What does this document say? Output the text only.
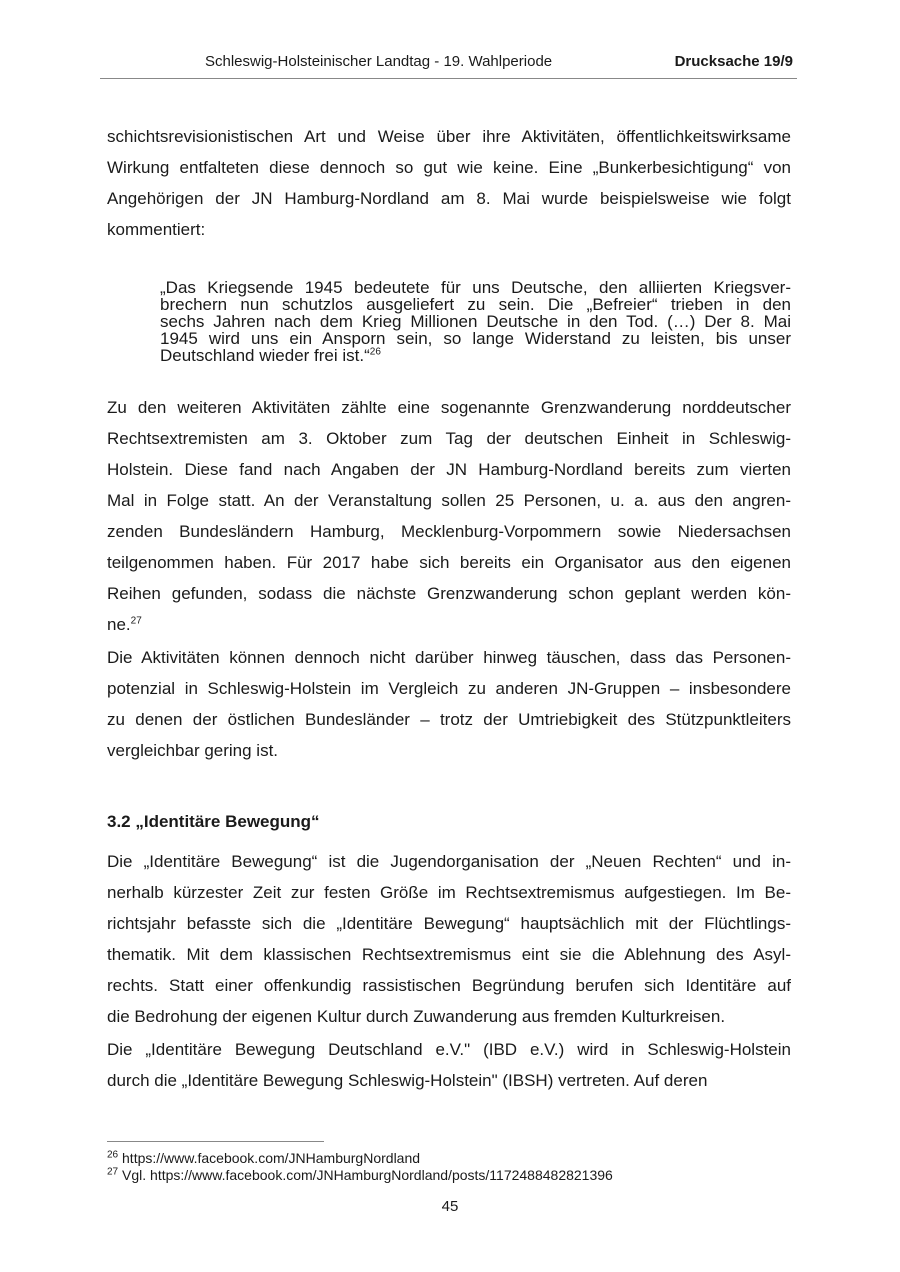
Schleswig-Holsteinischer Landtag - 19. Wahlperiode	Drucksache 19/9
schichtsrevisionistischen Art und Weise über ihre Aktivitäten, öffentlichkeitswirksame
Wirkung entfalteten diese dennoch so gut wie keine. Eine „Bunkerbesichtigung“ von
Angehörigen der JN Hamburg-Nordland am 8. Mai wurde beispielsweise wie folgt
kommentiert:
„Das Kriegsende 1945 bedeutete für uns Deutsche, den alliierten Kriegsver-
brechern nun schutzlos ausgeliefert zu sein. Die „Befreier“ trieben in den
sechs Jahren nach dem Krieg Millionen Deutsche in den Tod. (…) Der 8. Mai
1945 wird uns ein Ansporn sein, so lange Widerstand zu leisten, bis unser
Deutschland wieder frei ist.“$^{26}$
Zu den weiteren Aktivitäten zählte eine sogenannte Grenzwanderung norddeutscher
Rechtsextremisten am 3. Oktober zum Tag der deutschen Einheit in Schleswig-
Holstein. Diese fand nach Angaben der JN Hamburg-Nordland bereits zum vierten
Mal in Folge statt. An der Veranstaltung sollen 25 Personen, u. a. aus den angren-
zenden Bundesländern Hamburg, Mecklenburg-Vorpommern sowie Niedersachsen
teilgenommen haben. Für 2017 habe sich bereits ein Organisator aus den eigenen
Reihen gefunden, sodass die nächste Grenzwanderung schon geplant werden kön-
ne.$^{27}$
Die Aktivitäten können dennoch nicht darüber hinweg täuschen, dass das Personen-
potenzial in Schleswig-Holstein im Vergleich zu anderen JN-Gruppen – insbesondere
zu denen der östlichen Bundesländer – trotz der Umtriebigkeit des Stützpunktleiters
vergleichbar gering ist.
3.2 „Identitäre Bewegung“
Die „Identitäre Bewegung“ ist die Jugendorganisation der „Neuen Rechten“ und in-
nerhalb kürzester Zeit zur festen Größe im Rechtsextremismus aufgestiegen. Im Be-
richtsjahr befasste sich die „Identitäre Bewegung“ hauptsächlich mit der Flüchtlings-
thematik. Mit dem klassischen Rechtsextremismus eint sie die Ablehnung des Asyl-
rechts. Statt einer offenkundig rassistischen Begründung berufen sich Identitäre auf
die Bedrohung der eigenen Kultur durch Zuwanderung aus fremden Kulturkreisen.
Die „Identitäre Bewegung Deutschland e.V." (IBD e.V.) wird in Schleswig-Holstein
durch die „Identitäre Bewegung Schleswig-Holstein" (IBSH) vertreten. Auf deren
$^{26}$ https://www.facebook.com/JNHamburgNordland
$^{27}$ Vgl. https://www.facebook.com/JNHamburgNordland/posts/1172488482821396
45
